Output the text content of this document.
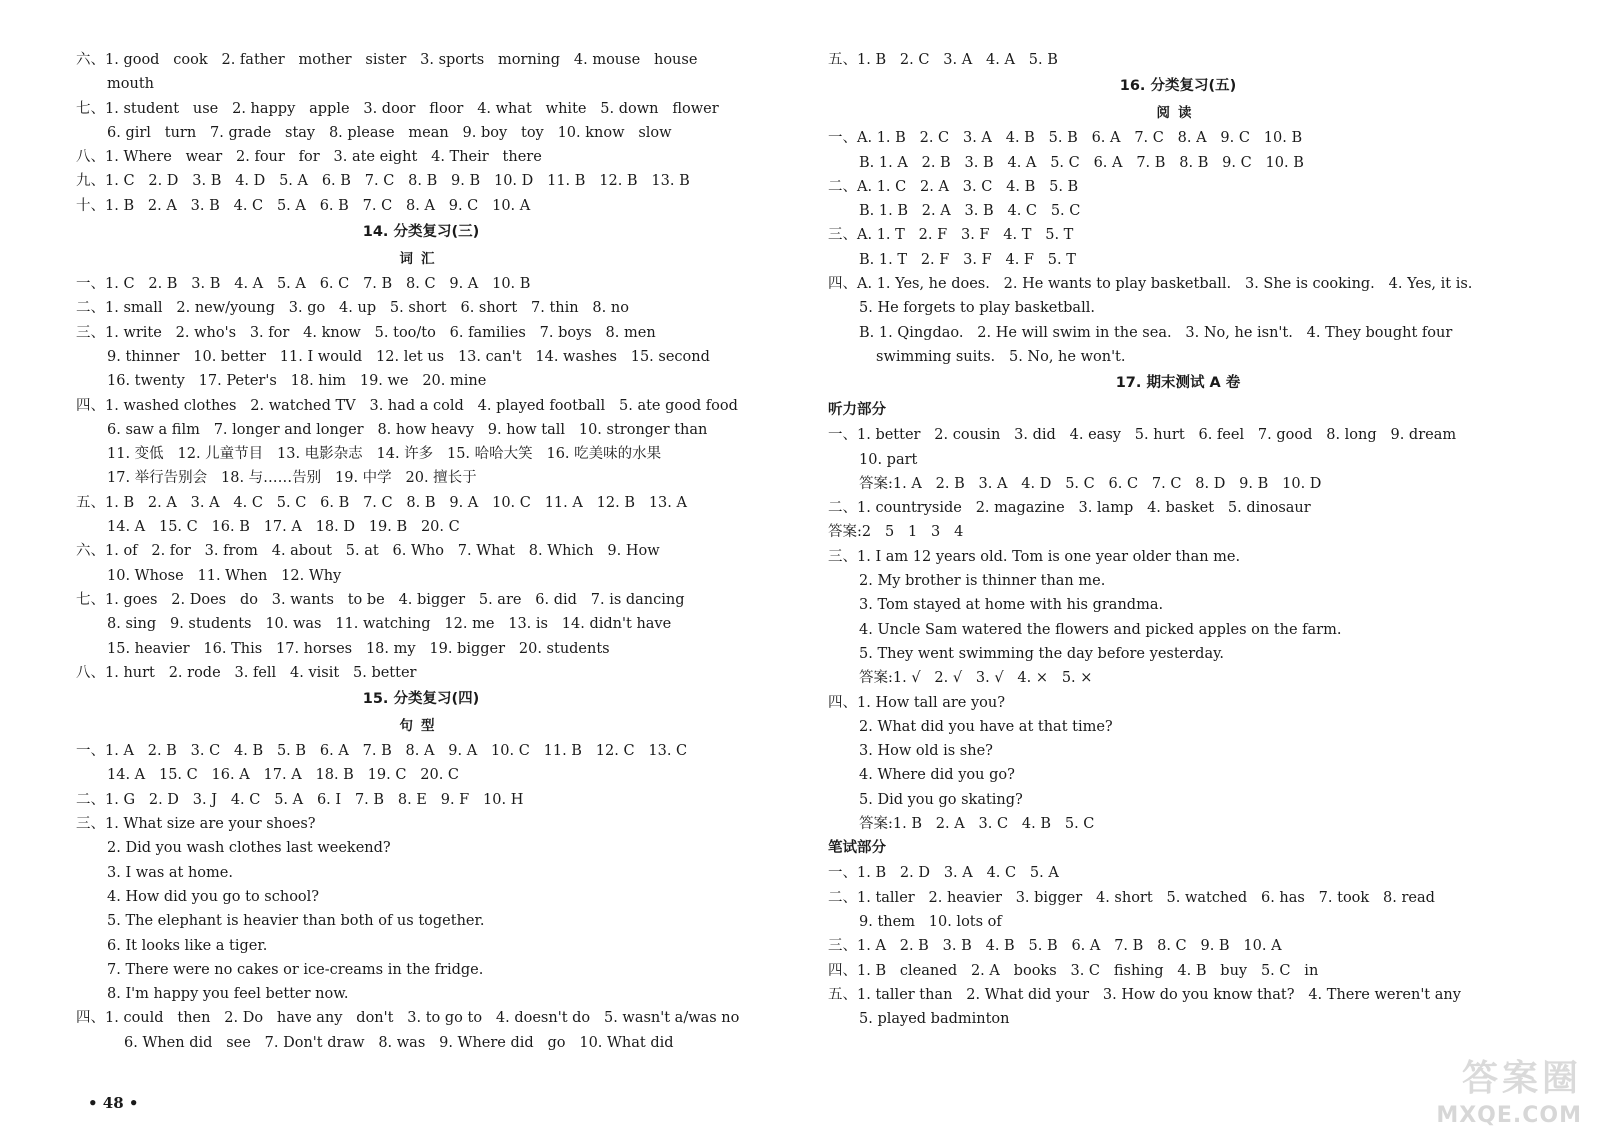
六、1. good   cook   2. father   mother   sister   3. sports   morning   4. mouse   house
mouth
七、1. student   use   2. happy   apple   3. door   floor   4. what   white   5. down   flower
6. girl   turn   7. grade   stay   8. please   mean   9. boy   toy   10. know   slow
八、1. Where   wear   2. four   for   3. ate eight   4. Their   there
九、1. C   2. D   3. B   4. D   5. A   6. B   7. C   8. B   9. B   10. D   11. B   12. B   13. B
十、1. B   2. A   3. B   4. C   5. A   6. B   7. C   8. A   9. C   10. A
14. 分类复习(三)
词汇
一、1. C   2. B   3. B   4. A   5. A   6. C   7. B   8. C   9. A   10. B
二、1. small   2. new/young   3. go   4. up   5. short   6. short   7. thin   8. no
三、1. write   2. who's   3. for   4. know   5. too/to   6. families   7. boys   8. men
9. thinner   10. better   11. I would   12. let us   13. can't   14. washes   15. second
16. twenty   17. Peter's   18. him   19. we   20. mine
四、1. washed clothes   2. watched TV   3. had a cold   4. played football   5. ate good food
6. saw a film   7. longer and longer   8. how heavy   9. how tall   10. stronger than
11. 变低   12. 儿童节目   13. 电影杂志   14. 许多   15. 哈哈大笑   16. 吃美味的水果
17. 举行告别会   18. 与……告别   19. 中学   20. 擅长于
五、1. B   2. A   3. A   4. C   5. C   6. B   7. C   8. B   9. A   10. C   11. A   12. B   13. A
14. A   15. C   16. B   17. A   18. D   19. B   20. C
六、1. of   2. for   3. from   4. about   5. at   6. Who   7. What   8. Which   9. How
10. Whose   11. When   12. Why
七、1. goes   2. Does   do   3. wants   to be   4. bigger   5. are   6. did   7. is dancing
8. sing   9. students   10. was   11. watching   12. me   13. is   14. didn't have
15. heavier   16. This   17. horses   18. my   19. bigger   20. students
八、1. hurt   2. rode   3. fell   4. visit   5. better
15. 分类复习(四)
句型
一、1. A   2. B   3. C   4. B   5. B   6. A   7. B   8. A   9. A   10. C   11. B   12. C   13. C
14. A   15. C   16. A   17. A   18. B   19. C   20. C
二、1. G   2. D   3. J   4. C   5. A   6. I   7. B   8. E   9. F   10. H
三、1. What size are your shoes?
2. Did you wash clothes last weekend?
3. I was at home.
4. How did you go to school?
5. The elephant is heavier than both of us together.
6. It looks like a tiger.
7. There were no cakes or ice-creams in the fridge.
8. I'm happy you feel better now.
四、1. could   then   2. Do   have any   don't   3. to go to   4. doesn't do   5. wasn't a/was no
6. When did   see   7. Don't draw   8. was   9. Where did   go   10. What did
五、1. B   2. C   3. A   4. A   5. B
16. 分类复习(五)
阅读
一、A. 1. B   2. C   3. A   4. B   5. B   6. A   7. C   8. A   9. C   10. B
B. 1. A   2. B   3. B   4. A   5. C   6. A   7. B   8. B   9. C   10. B
二、A. 1. C   2. A   3. C   4. B   5. B
B. 1. B   2. A   3. B   4. C   5. C
三、A. 1. T   2. F   3. F   4. T   5. T
B. 1. T   2. F   3. F   4. F   5. T
四、A. 1. Yes, he does.   2. He wants to play basketball.   3. She is cooking.   4. Yes, it is.
5. He forgets to play basketball.
B. 1. Qingdao.   2. He will swim in the sea.   3. No, he isn't.   4. They bought four
swimming suits.   5. No, he won't.
17. 期末测试 A 卷
听力部分
一、1. better   2. cousin   3. did   4. easy   5. hurt   6. feel   7. good   8. long   9. dream
10. part
答案:1. A   2. B   3. A   4. D   5. C   6. C   7. C   8. D   9. B   10. D
二、1. countryside   2. magazine   3. lamp   4. basket   5. dinosaur
答案:2   5   1   3   4
三、1. I am 12 years old. Tom is one year older than me.
2. My brother is thinner than me.
3. Tom stayed at home with his grandma.
4. Uncle Sam watered the flowers and picked apples on the farm.
5. They went swimming the day before yesterday.
答案:1. √   2. √   3. √   4. ×   5. ×
四、1. How tall are you?
2. What did you have at that time?
3. How old is she?
4. Where did you go?
5. Did you go skating?
答案:1. B   2. A   3. C   4. B   5. C
笔试部分
一、1. B   2. D   3. A   4. C   5. A
二、1. taller   2. heavier   3. bigger   4. short   5. watched   6. has   7. took   8. read
9. them   10. lots of
三、1. A   2. B   3. B   4. B   5. B   6. A   7. B   8. C   9. B   10. A
四、1. B   cleaned   2. A   books   3. C   fishing   4. B   buy   5. C   in
五、1. taller than   2. What did your   3. How do you know that?   4. There weren't any
5. played badminton
• 48 •
答案圈
MXQE.COM
